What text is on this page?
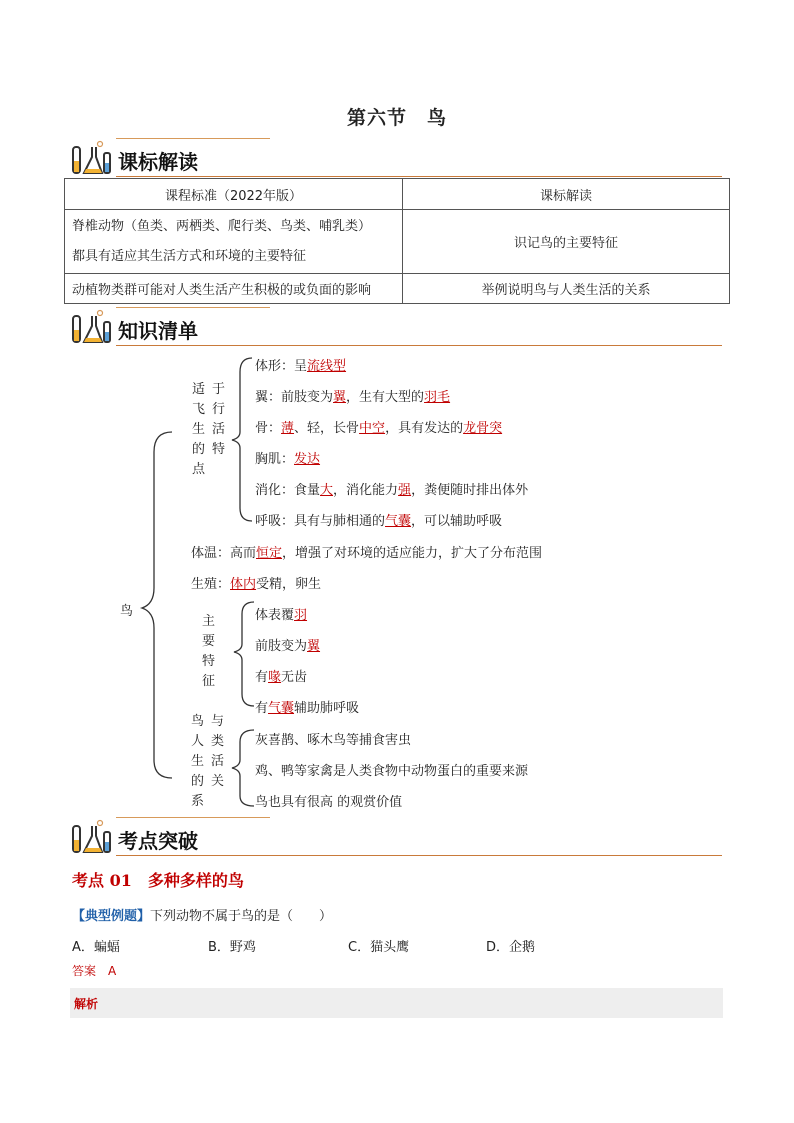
第六节　鸟
课标解读
课程标准（2022年版）	课标解读

脊椎动物（鱼类、两栖类、爬行类、鸟类、哺乳类）
都具有适应其生活方式和环境的主要特征	识记鸟的主要特征
动植物类群可能对人类生活产生积极的或负面的影响	举例说明鸟与人类生活的关系
知识清单
鸟
适飞生的点
于行活特
体形：呈流线型
翼：前肢变为翼，生有大型的羽毛
骨：薄、轻，长骨中空，具有发达的龙骨突
胸肌：发达
消化：食量大，消化能力强，粪便随时排出体外
呼吸：具有与肺相通的气囊，可以辅助呼吸
体温：高而恒定，增强了对环境的适应能力，扩大了分布范围
生殖：体内受精，卵生
主要特征
体表覆羽
前肢变为翼
有喙无齿
有气囊辅助肺呼吸
鸟人生的系
与类活关
灰喜鹊、啄木鸟等捕食害虫
鸡、鸭等家禽是人类食物中动物蛋白的重要来源
鸟也具有很高 的观赏价值
考点突破
考点 01　多种多样的鸟
【典型例题】下列动物不属于鸟的是（　　）
A．蝙蝠	B．野鸡	C．猫头鹰	D．企鹅
答案　A
解析
